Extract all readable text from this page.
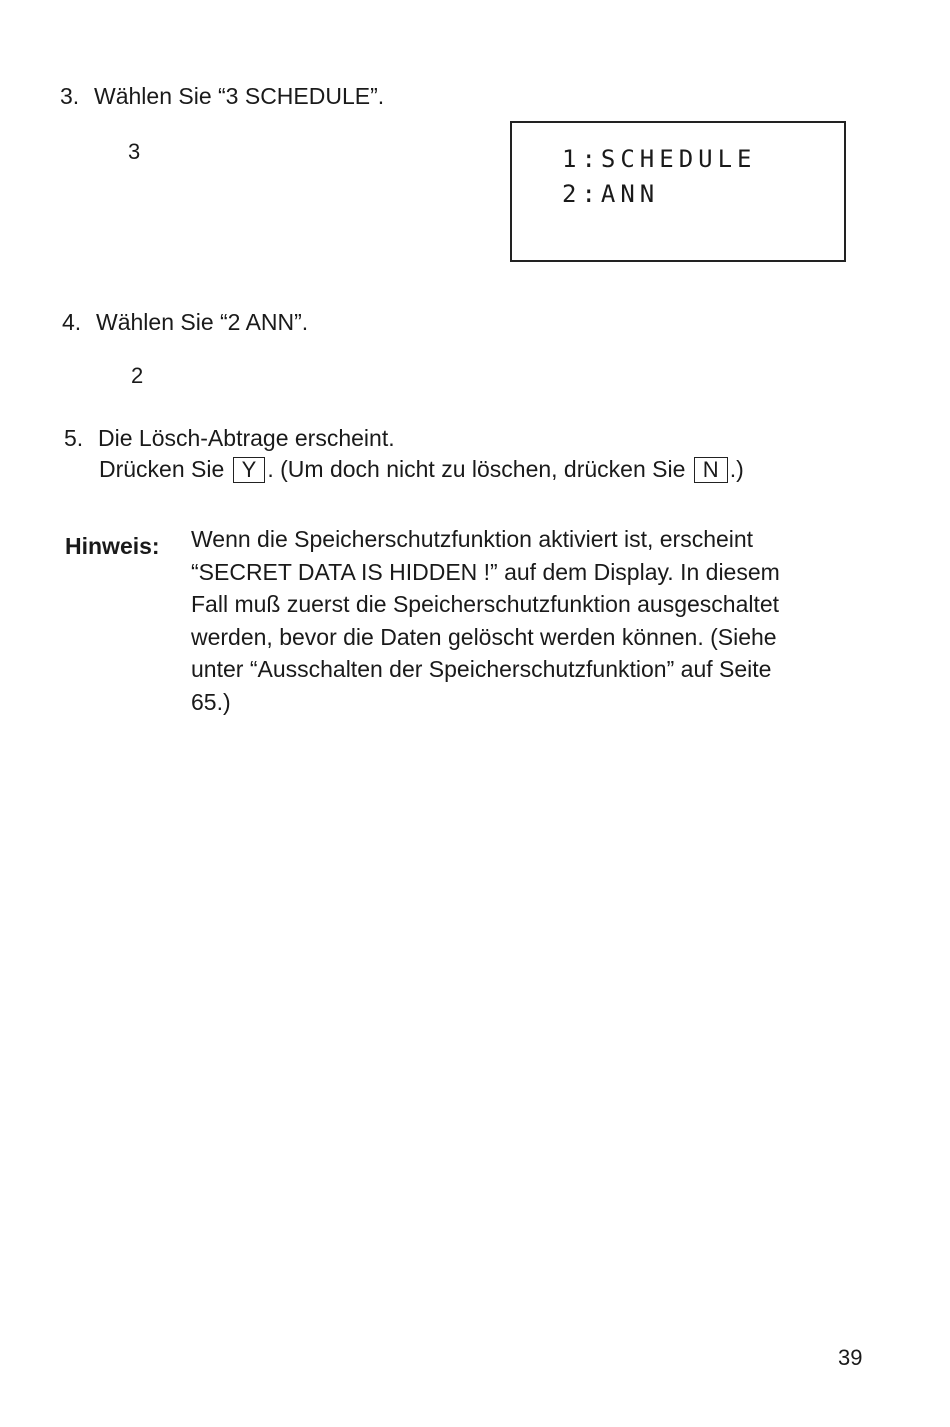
3. Wählen Sie “3 SCHEDULE”.
3	1:SCHEDULE
2:ANN
4. Wählen Sie “2 ANN”.
2
5. Die Lösch-Abtrage erscheint.
Drücken Sie Y . (Um doch nicht zu löschen, drücken Sie N .)
Hinweis: Wenn die Speicherschutzfunktion aktiviert ist, erscheint
“SECRET DATA IS HIDDEN !” auf dem Display. In diesem
Fall muß zuerst die Speicherschutzfunktion ausgeschaltet
werden, bevor die Daten gelöscht werden können. (Siehe
unter “Ausschalten der Speicherschutzfunktion” auf Seite
65.)
39
